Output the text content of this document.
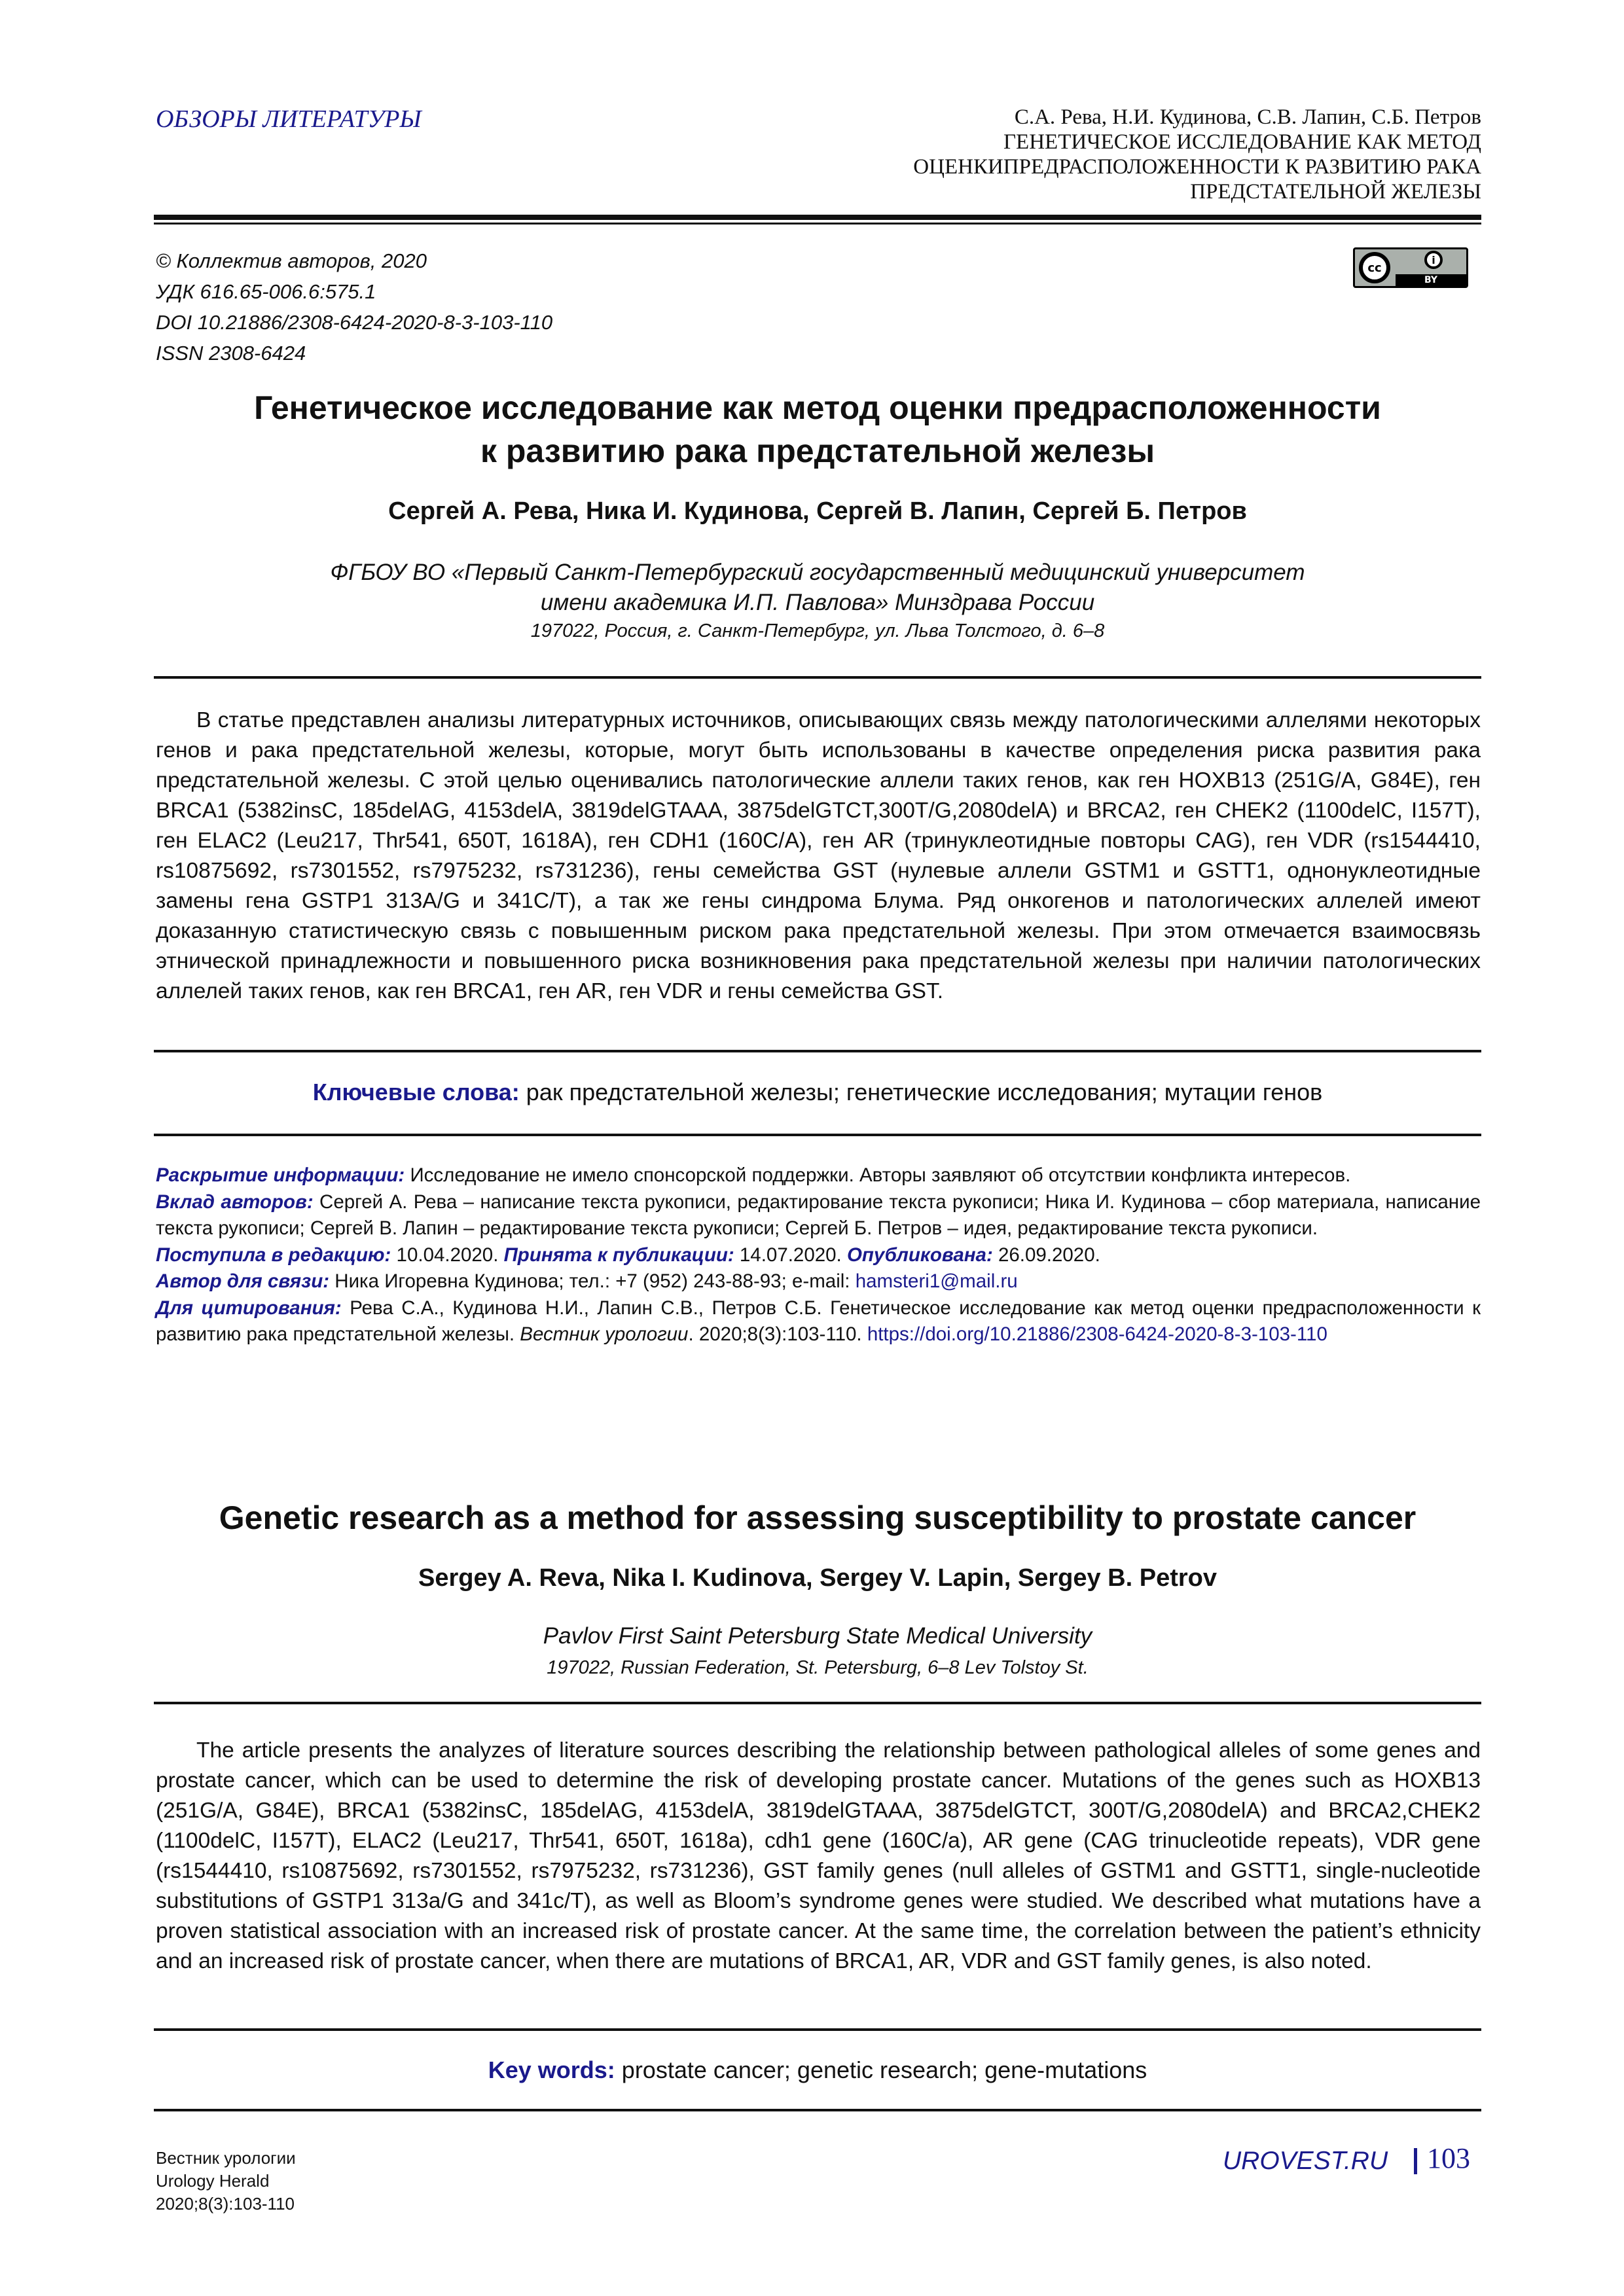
ОБЗОРЫ ЛИТЕРАТУРЫ	С.А. Рева, Н.И. Кудинова, С.В. Лапин, С.Б. Петров
ГЕНЕТИЧЕСКОЕ ИССЛЕДОВАНИЕ КАК МЕТОД
ОЦЕНКИПРЕДРАСПОЛОЖЕННОСТИ К РАЗВИТИЮ РАКА
ПРЕДСТАТЕЛЬНОЙ ЖЕЛЕЗЫ
© Коллектив авторов, 2020
УДК 616.65-006.6:575.1
DOI 10.21886/2308-6424-2020-8-3-103-110
ISSN 2308-6424
cc
i
BY
Генетическое исследование как метод оценки предрасположенности
к развитию рака предстательной железы
Сергей А. Рева, Ника И. Кудинова, Сергей В. Лапин, Сергей Б. Петров
ФГБОУ ВО «Первый Санкт-Петербургский государственный медицинский университет
имени академика И.П. Павлова» Минздрава России
197022, Россия, г. Санкт-Петербург, ул. Льва Толстого, д. 6–8

В статье представлен анализы литературных источников, описывающих связь между патологическими аллелями некоторых генов и рака предстательной железы, которые, могут быть использованы в качестве определения риска развития рака предстательной железы. С этой целью оценивались патологические аллели таких генов, как ген HOXB13 (251G/A, G84E), ген BRCA1 (5382insC, 185delAG, 4153delA, 3819delGTAAA, 3875delGTCT,300T/G,2080delA) и BRCA2, ген CHEK2 (1100delC, I157T), ген ELAC2 (Leu217, Thr541, 650T, 1618A), ген CDH1 (160C/A), ген AR (тринуклеотидные повторы CAG), ген VDR (rs1544410, rs10875692, rs7301552, rs7975232, rs731236), гены семейства GST (нулевые аллели GSTM1 и GSTT1, однонуклеотидные замены гена GSTP1 313A/G и 341C/T), а так же гены синдрома Блума. Ряд онкогенов и патологических аллелей имеют доказанную статистическую связь с повышенным риском рака предстательной железы. При этом отмечается взаимосвязь этнической принадлежности и повышенного риска возникновения рака предстательной железы при наличии патологических аллелей таких генов, как ген BRCA1, ген AR, ген VDR и гены семейства GST.

Ключевые слова: рак предстательной железы; генетические исследования; мутации генов

Раскрытие информации: Исследование не имело спонсорской поддержки. Авторы заявляют об отсутствии конфликта интересов.

Вклад авторов: Сергей А. Рева – написание текста рукописи, редактирование текста рукописи; Ника И. Кудинова – сбор материала, написание текста рукописи; Сергей В. Лапин – редактирование текста рукописи; Сергей Б. Петров – идея, редактирование текста рукописи.

Поступила в редакцию: 10.04.2020. Принята к публикации: 14.07.2020. Опубликована: 26.09.2020.

Автор для связи: Ника Игоревна Кудинова; тел.: +7 (952) 243-88-93; e-mail: hamsteri1@mail.ru

Для цитирования: Рева С.А., Кудинова Н.И., Лапин С.В., Петров С.Б. Генетическое исследование как метод оценки предрасположенности к развитию рака предстательной железы. Вестник урологии. 2020;8(3):103-110. https://doi.org/10.21886/2308-6424-2020-8-3-103-110

Genetic research as a method for assessing susceptibility to prostate cancer
Sergey A. Reva, Nika I. Kudinova, Sergey V. Lapin, Sergey B. Petrov
Pavlov First Saint Petersburg State Medical University
197022, Russian Federation, St. Petersburg, 6–8 Lev Tolstoy St.

The article presents the analyzes of literature sources describing the relationship between pathological alleles of some genes and prostate cancer, which can be used to determine the risk of developing prostate cancer. Mutations of the genes such as HOXB13 (251G/A, G84E), BRCA1 (5382insC, 185delAG, 4153delA, 3819delGTAAA, 3875delGTCT, 300T/G,2080delA) and BRCA2,CHEK2 (1100delC, I157T), ELAC2 (Leu217, Thr541, 650T, 1618a), cdh1 gene (160C/a), AR gene (CAG trinucleotide repeats), VDR gene (rs1544410, rs10875692, rs7301552, rs7975232, rs731236), GST family genes (null alleles of GSTM1 and GSTT1, single-nucleotide substitutions of GSTP1 313a/G and 341c/T), as well as Bloom’s syndrome genes were studied. We described what mutations have a proven statistical association with an increased risk of prostate cancer. At the same time, the correlation between the patient’s ethnicity and an increased risk of prostate cancer, when there are mutations of BRCA1, AR, VDR and GST family genes, is also noted.

Key words: prostate cancer; genetic research; gene-mutations
Вестник урологии
Urology Herald
2020;8(3):103-110
UROVEST.RU 103
